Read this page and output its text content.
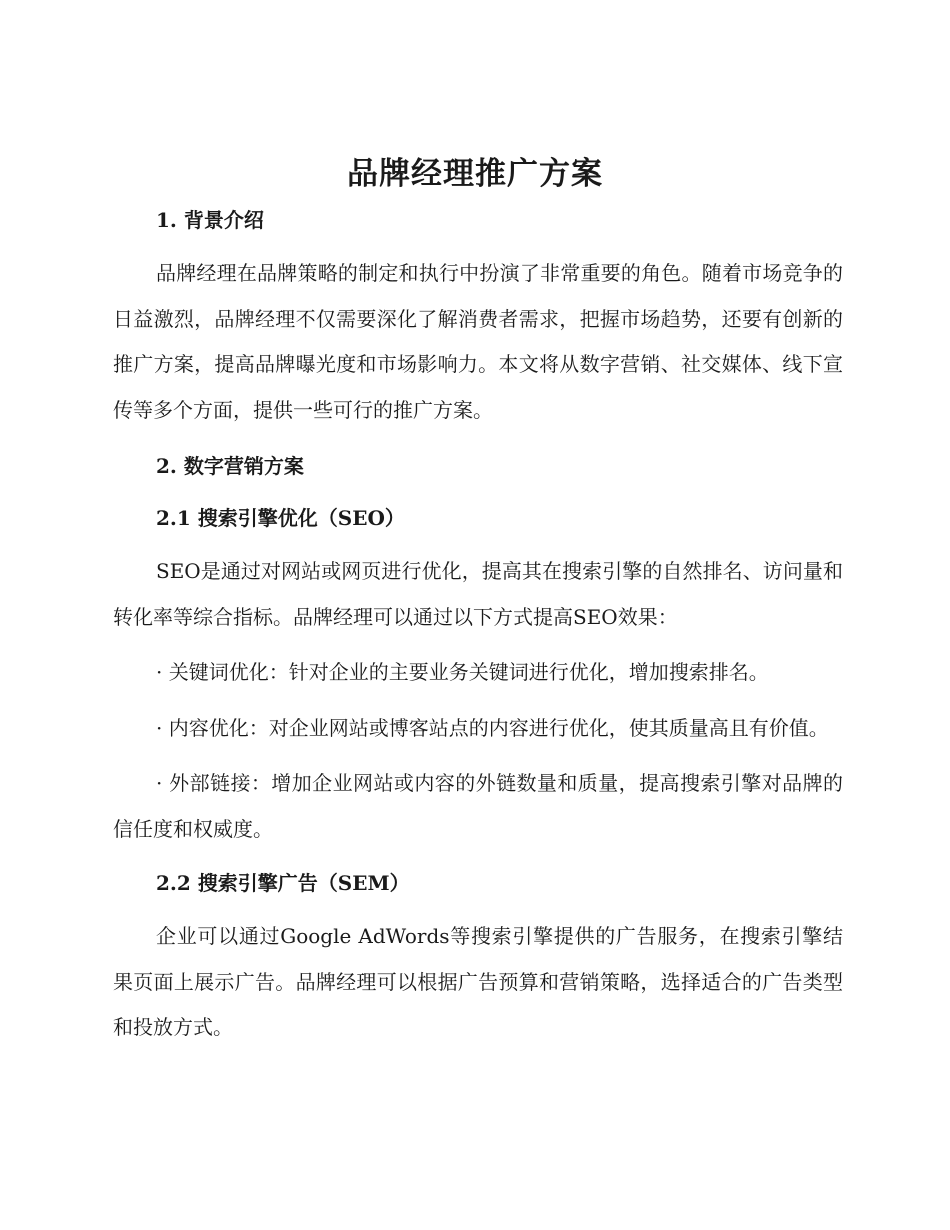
品牌经理推广方案

1. 背景介绍

品牌经理在品牌策略的制定和执行中扮演了非常重要的角色。随着市场竞争的日益激烈，品牌经理不仅需要深化了解消费者需求，把握市场趋势，还要有创新的推广方案，提高品牌曝光度和市场影响力。本文将从数字营销、社交媒体、线下宣传等多个方面，提供一些可行的推广方案。

2. 数字营销方案

2.1 搜索引擎优化（SEO）

SEO是通过对网站或网页进行优化，提高其在搜索引擎的自然排名、访问量和转化率等综合指标。品牌经理可以通过以下方式提高SEO效果：

· 关键词优化：针对企业的主要业务关键词进行优化，增加搜索排名。

· 内容优化：对企业网站或博客站点的内容进行优化，使其质量高且有价值。

· 外部链接：增加企业网站或内容的外链数量和质量，提高搜索引擎对品牌的信任度和权威度。

2.2 搜索引擎广告（SEM）

企业可以通过Google AdWords等搜索引擎提供的广告服务，在搜索引擎结果页面上展示广告。品牌经理可以根据广告预算和营销策略，选择适合的广告类型和投放方式。
